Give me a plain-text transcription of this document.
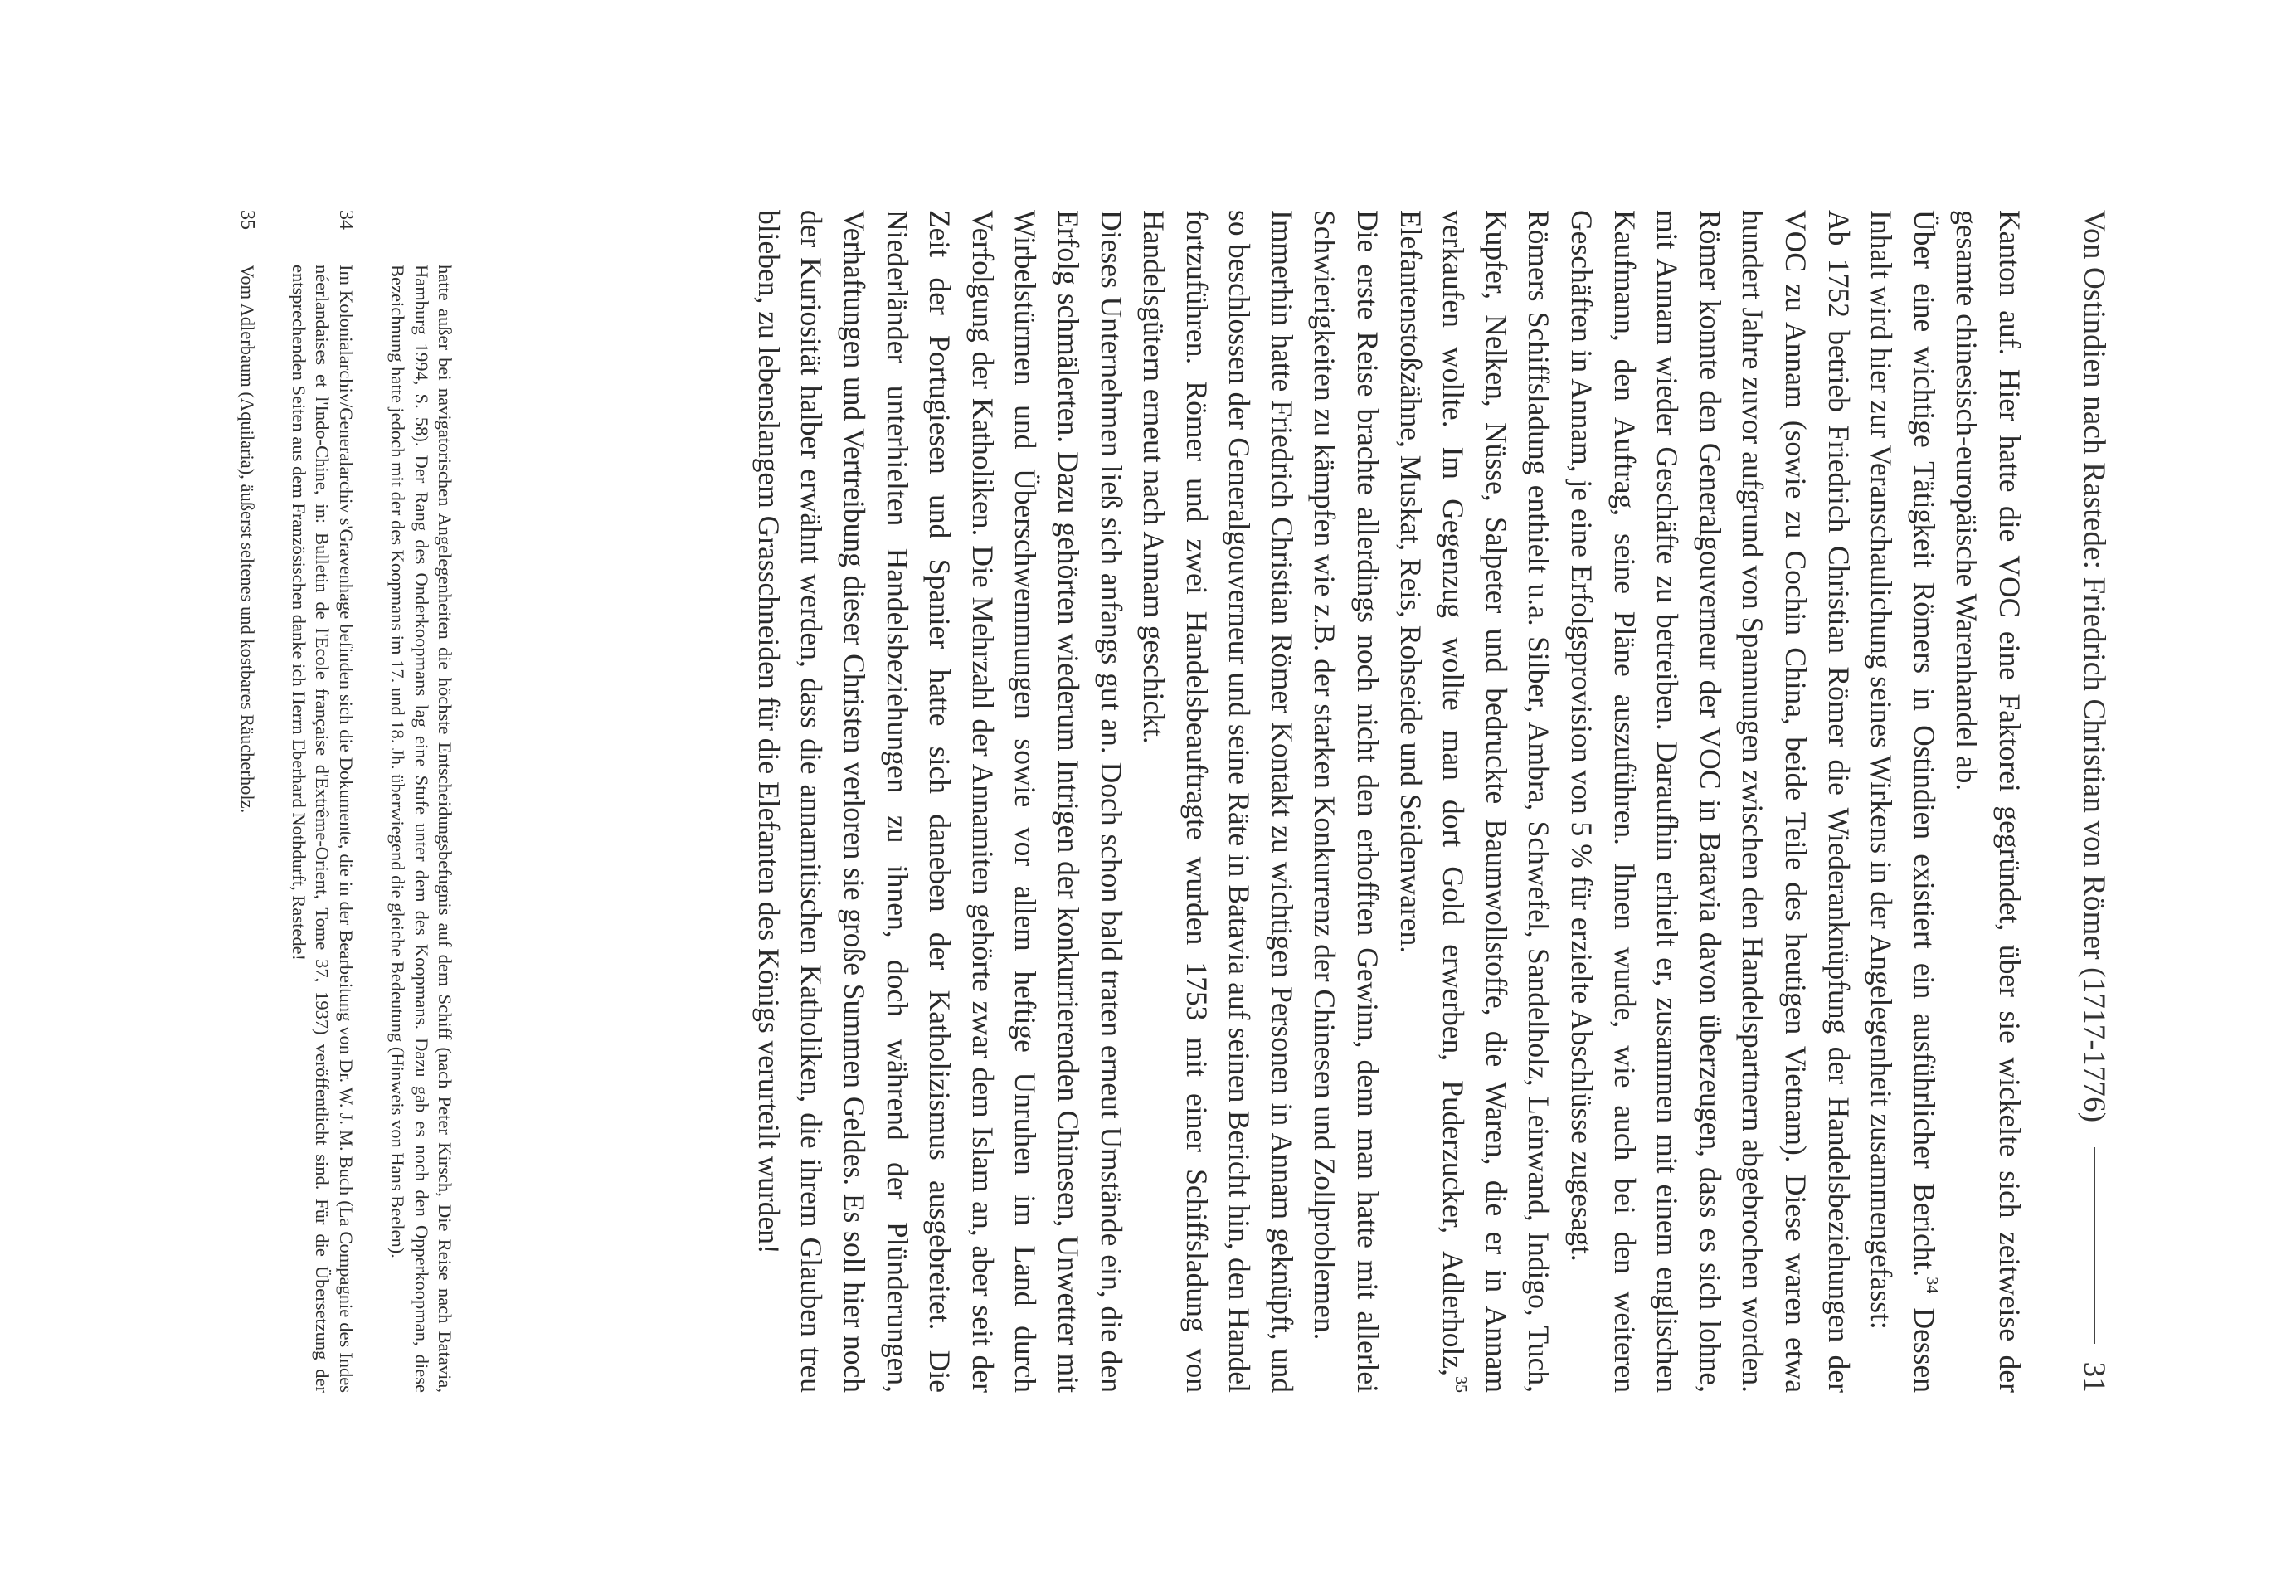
Von Ostindien nach Rastede: Friedrich Christian von Römer (1717-1776)
31

Kanton auf. Hier hatte die VOC eine Faktorei gegründet, über sie wickelte sich zeitweise der gesamte chinesisch-europäische Warenhandel ab.

Über eine wichtige Tätigkeit Römers in Ostindien existiert ein ausführlicher Bericht.$^{34}$ Dessen Inhalt wird hier zur Veranschaulichung seines Wirkens in der Angelegenheit zusammengefasst:

Ab 1752 betrieb Friedrich Christian Römer die Wiederanknüpfung der Handelsbeziehungen der VOC zu Annam (sowie zu Cochin China, beide Teile des heutigen Vietnam). Diese waren etwa hundert Jahre zuvor aufgrund von Spannungen zwischen den Handelspartnern abgebrochen worden. Römer konnte den Generalgouverneur der VOC in Batavia davon überzeugen, dass es sich lohne, mit Annam wieder Geschäfte zu betreiben. Daraufhin erhielt er, zusammen mit einem englischen Kaufmann, den Auftrag, seine Pläne auszuführen. Ihnen wurde, wie auch bei den weiteren Geschäften in Annam, je eine Erfolgsprovision von 5 % für erzielte Abschlüsse zugesagt.

Römers Schiffsladung enthielt u.a. Silber, Ambra, Schwefel, Sandelholz, Leinwand, Indigo, Tuch, Kupfer, Nelken, Nüsse, Salpeter und bedruckte Baumwollstoffe, die Waren, die er in Annam verkaufen wollte. Im Gegenzug wollte man dort Gold erwerben, Puderzucker, Adlerholz,$^{35}$ Elefantenstoßzähne, Muskat, Reis, Rohseide und Seidenwaren.

Die erste Reise brachte allerdings noch nicht den erhofften Gewinn, denn man hatte mit allerlei Schwierigkeiten zu kämpfen wie z.B. der starken Konkurrenz der Chinesen und Zollproblemen.

Immerhin hatte Friedrich Christian Römer Kontakt zu wichtigen Personen in Annam geknüpft, und so beschlossen der Generalgouverneur und seine Räte in Batavia auf seinen Bericht hin, den Handel fortzuführen. Römer und zwei Handelsbeauftragte wurden 1753 mit einer Schiffsladung von Handelsgütern erneut nach Annam geschickt.

Dieses Unternehmen ließ sich anfangs gut an. Doch schon bald traten erneut Umstände ein, die den Erfolg schmälerten. Dazu gehörten wiederum Intrigen der konkurrierenden Chinesen, Unwetter mit Wirbelstürmen und Überschwemmungen sowie vor allem heftige Unruhen im Land durch Verfolgung der Katholiken. Die Mehrzahl der Annamiten gehörte zwar dem Islam an, aber seit der Zeit der Portugiesen und Spanier hatte sich daneben der Katholizismus ausgebreitet. Die Niederländer unterhielten Handelsbeziehungen zu ihnen, doch während der Plünderungen, Verhaftungen und Vertreibung dieser Christen verloren sie große Summen Geldes. Es soll hier noch der Kuriosität halber erwähnt werden, dass die annamitischen Katholiken, die ihrem Glauben treu blieben, zu lebenslangem Grasschneiden für die Elefanten des Königs verurteilt wurden!

hatte außer bei navigatorischen Angelegenheiten die höchste Entscheidungsbefugnis auf dem Schiff (nach Peter Kirsch, Die Reise nach Batavia, Hamburg 1994, S. 58). Der Rang des Onderkoopmans lag eine Stufe unter dem des Koopmans. Dazu gab es noch den Opperkoopman, diese Bezeichnung hatte jedoch mit der des Koopmans im 17. und 18. Jh. überwiegend die gleiche Bedeutung (Hinweis von Hans Beelen).
34
Im Kolonialarchiv/Generalarchiv s'Gravenhage befinden sich die Dokumente, die in der Bearbeitung von Dr. W. J. M. Buch (La Compagnie des Indes néerlandaises et l'Indo-Chine, in: Bulletin de l'Ecole française d'Extrême-Orient, Tome 37, 1937) veröffentlicht sind. Für die Übersetzung der entsprechenden Seiten aus dem Französischen danke ich Herrn Eberhard Nothdurft, Rastede!
35
Vom Adlerbaum (Aquilaria), äußerst seltenes und kostbares Räucherholz.
